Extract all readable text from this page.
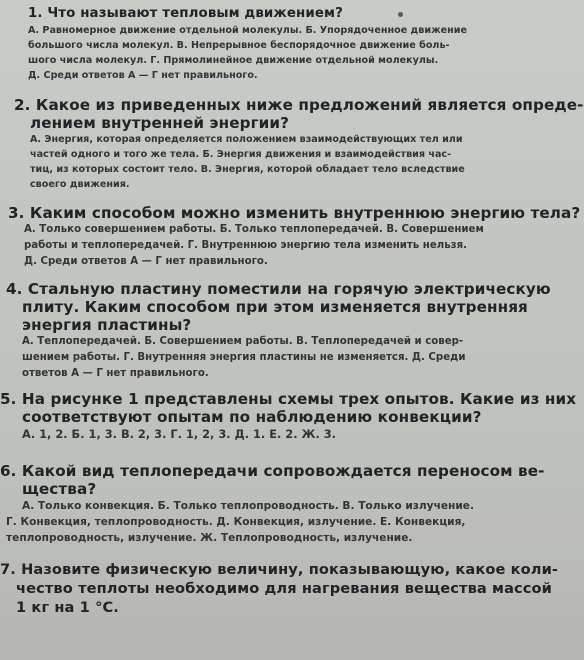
1. Что называют тепловым движением?
А. Равномерное движение отдельной молекулы. Б. Упорядоченное движение
большого числа молекул. В. Непрерывное беспорядочное движение боль-
шого числа молекул. Г. Прямолинейное движение отдельной молекулы.
Д. Среди ответов А — Г нет правильного.
2. Какое из приведенных ниже предложений является опреде-
лением внутренней энергии?
А. Энергия, которая определяется положением взаимодействующих тел или
частей одного и того же тела. Б. Энергия движения и взаимодействия час-
тиц, из которых состоит тело. В. Энергия, которой обладает тело вследствие
своего движения.
3. Каким способом можно изменить внутреннюю энергию тела?
А. Только совершением работы. Б. Только теплопередачей. В. Совершением
работы и теплопередачей. Г. Внутреннюю энергию тела изменить нельзя.
Д. Среди ответов А — Г нет правильного.
4. Стальную пластину поместили на горячую электрическую
плиту. Каким способом при этом изменяется внутренняя
энергия пластины?
А. Теплопередачей. Б. Совершением работы. В. Теплопередачей и совер-
шением работы. Г. Внутренняя энергия пластины не изменяется. Д. Среди
ответов А — Г нет правильного.
5. На рисунке 1 представлены схемы трех опытов. Какие из них
соответствуют опытам по наблюдению конвекции?
А. 1, 2. Б. 1, 3. В. 2, 3. Г. 1, 2, 3. Д. 1. Е. 2. Ж. 3.
6. Какой вид теплопередачи сопровождается переносом ве-
щества?
А. Только конвекция. Б. Только теплопроводность. В. Только излучение.
Г. Конвекция, теплопроводность. Д. Конвекция, излучение. Е. Конвекция,
теплопроводность, излучение. Ж. Теплопроводность, излучение.
7. Назовите физическую величину, показывающую, какое коли-
чество теплоты необходимо для нагревания вещества массой
1 кг на 1 °С.
